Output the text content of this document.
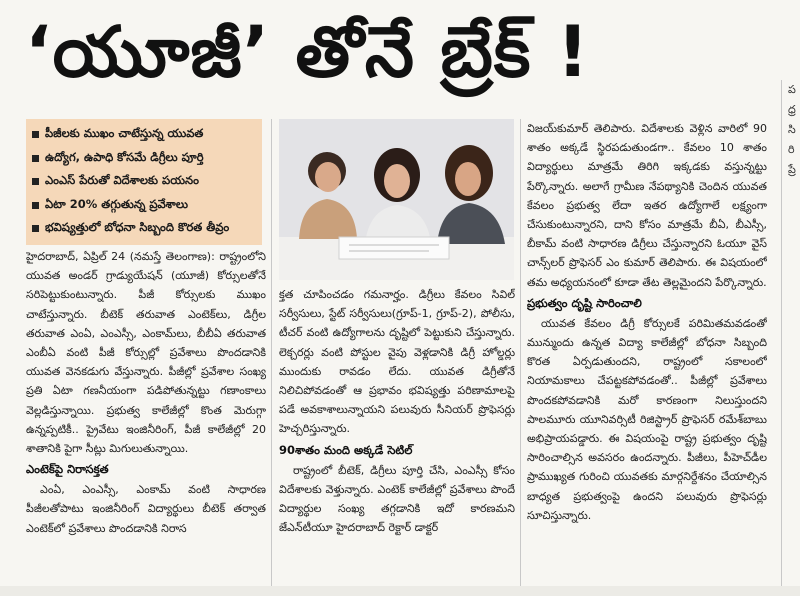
‘యూజీ’ తోనే బ్రేక్‌ !	ప ధ్ర సి రి ప్రే
పీజీలకు ముఖం చాటేస్తున్న యువత
ఉద్యోగ, ఉపాధి కోసమే డిగ్రీలు పూర్తి
ఎంఎస్‌ పేరుతో విదేశాలకు పయనం
ఏటా 20% తగ్గుతున్న ప్రవేశాలు
భవిష్యత్తులో బోధనా సిబ్బంది కొరత తీవ్రం

హైదరాబాద్‌, ఏప్రిల్‌ 24 (నమస్తే తెలంగాణ): రాష్ట్రంలోని యువత అండర్‌ గ్రాడ్యుయేషన్‌ (యూజీ) కోర్సులతోనే సరిపెట్టుకుంటున్నారు. పీజీ కోర్సులకు ముఖం చాటేస్తున్నారు. బీటెక్‌ తరువాత ఎంటెక్‌లు, డిగ్రీల తరువాత ఎంఏ, ఎంఎస్సీ, ఎంకామ్‌లు, బీబీఏ తరువాత ఎంబీఏ వంటి పీజీ కోర్సుల్లో ప్రవేశాలు పొందడానికి యువత వెనకడుగు వేస్తున్నారు. పీజీల్లో ప్రవేశాల సంఖ్య ప్రతి ఏటా గణనీయంగా పడిపోతున్నట్టు గణాంకాలు వెల్లడిస్తున్నాయి. ప్రభుత్వ కాలేజీల్లో కొంత మెరుగ్గా ఉన్నప్పటికీ.. ప్రైవేటు ఇంజినీరింగ్‌, పీజీ కాలేజీల్లో 20 శాతానికి పైగా సీట్లు మిగులుతున్నాయి.

ఎంటెక్‌పై నిరాసక్తత

ఎంఏ, ఎంఎస్సీ, ఎంకామ్‌ వంటి సాధారణ పీజీలతోపాటు ఇంజినీరింగ్‌ విద్యార్థులు బీటెక్‌ తర్వాత ఎంటెక్‌లో ప్రవేశాలు పొందడానికి నిరాస

క్తత చూపించడం గమనార్హం. డిగ్రీలు కేవలం సివిల్‌ సర్వీసులు, స్టేట్‌ సర్వీసులు(గ్రూప్‌-1, గ్రూప్‌-2), పోలీసు, టీచర్‌ వంటి ఉద్యోగాలను దృష్టిలో పెట్టుకుని చేస్తున్నారు. లెక్చరర్లు వంటి పోస్టుల వైపు వెళ్లడానికి డిగ్రీ హోల్డర్లు ముందుకు రావడం లేదు. యువత డిగ్రీతోనే నిలిచిపోవడంతో ఆ ప్రభావం భవిష్యత్తు పరిణామాలపై పడే అవకాశాలున్నాయని పలువురు సీనియర్‌ ప్రొఫెసర్లు హెచ్చరిస్తున్నారు.

90శాతం మంది అక్కడే సెటిల్‌

రాష్ట్రంలో బీటెక్‌, డిగ్రీలు పూర్తి చేసి, ఎంఎస్సీ కోసం విదేశాలకు వెళ్తున్నారు. ఎంటెక్‌ కాలేజీల్లో ప్రవేశాలు పొందే విద్యార్థుల సంఖ్య తగ్గడానికి ఇదో కారణమని జేఎన్‌టీయూ హైదరాబాద్‌ రెక్టార్‌ డాక్టర్‌

విజయ్‌కుమార్‌ తెలిపారు. విదేశాలకు వెళ్లిన వారిలో 90 శాతం అక్కడే స్థిరపడుతుండగా.. కేవలం 10 శాతం విద్యార్థులు మాత్రమే తిరిగి ఇక్కడకు వస్తున్నట్టు పేర్కొన్నారు. అలాగే గ్రామీణ నేపథ్యానికి చెందిన యువత కేవలం ప్రభుత్వ లేదా ఇతర ఉద్యోగాలే లక్ష్యంగా చేసుకుంటున్నారని, దాని కోసం మాత్రమే బీఏ, బీఎస్సీ, బీకామ్‌ వంటి సాధారణ డిగ్రీలు చేస్తున్నారని ఓయూ వైస్‌ చాన్స్‌లర్‌ ప్రొఫెసర్‌ ఎం కుమార్‌ తెలిపారు. ఈ విషయంలో తమ అధ్యయనంలో కూడా తేట తెల్లమైందని పేర్కొన్నారు.

ప్రభుత్వం దృష్టి సారించాలి

యువత కేవలం డిగ్రీ కోర్సులకే పరిమితమవడంతో మున్ముందు ఉన్నత విద్యా కాలేజీల్లో బోధనా సిబ్బంది కొరత ఏర్పడుతుందని, రాష్ట్రంలో సకాలంలో నియామకాలు చేపట్టకపోవడంతో.. పీజీల్లో ప్రవేశాలు పొందకపోవడానికి మరో కారణంగా నిలుస్తుందని పాలమూరు యూనివర్సిటీ రిజిస్ట్రార్‌ ప్రొఫెసర్‌ రమేశ్‌బాబు అభిప్రాయపడ్డారు. ఈ విషయంపై రాష్ట్ర ప్రభుత్వం దృష్టి సారించాల్సిన అవసరం ఉందన్నారు. పీజీలు, పీహెచ్‌డీల ప్రాముఖ్యత గురించి యువతకు మార్గనిర్దేశనం చేయాల్సిన బాధ్యత ప్రభుత్వంపై ఉందని పలువురు ప్రొఫెసర్లు సూచిస్తున్నారు.
